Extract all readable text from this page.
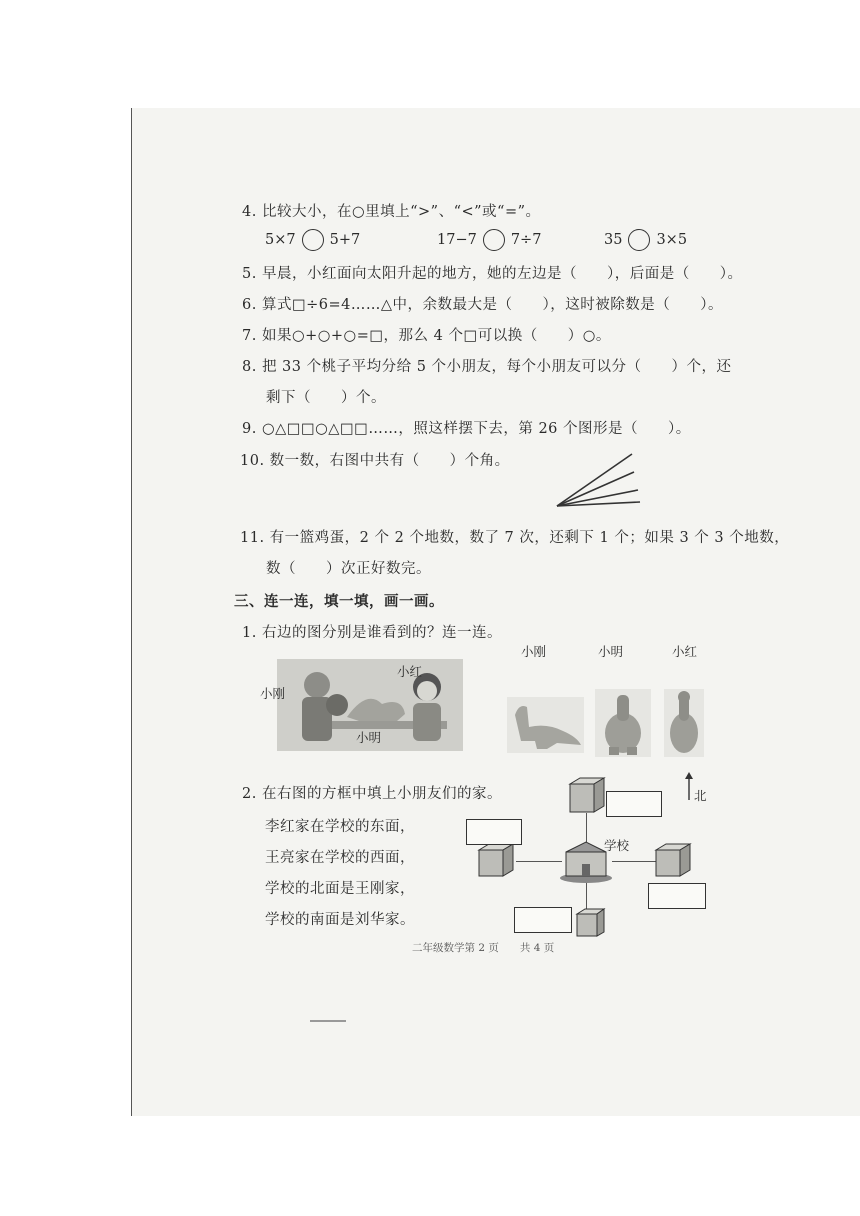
4. 比较大小，在○里填上“>”、“<”或“=”。
5×7 5+7	17−7 7÷7	35 3×5
5. 早晨，小红面向太阳升起的地方，她的左边是（　　），后面是（　　）。
6. 算式□÷6=4……△中，余数最大是（　　），这时被除数是（　　）。
7. 如果○+○+○=□，那么 4 个□可以换（　　）○。
8. 把 33 个桃子平均分给 5 个小朋友，每个小朋友可以分（　　）个，还
剩下（　　）个。
9. ○△□□○△□□……，照这样摆下去，第 26 个图形是（　　）。
10. 数一数，右图中共有（　　）个角。
11. 有一篮鸡蛋，2 个 2 个地数，数了 7 次，还剩下 1 个；如果 3 个 3 个地数，
数（　　）次正好数完。
三、连一连，填一填，画一画。
1. 右边的图分别是谁看到的？连一连。
小刚	小明	小红
小刚
小红
小明
2. 在右图的方框中填上小朋友们的家。
李红家在学校的东面，
王亮家在学校的西面，
学校的北面是王刚家，
学校的南面是刘华家。
学校
北
二年级数学第 2 页　　共 4 页
